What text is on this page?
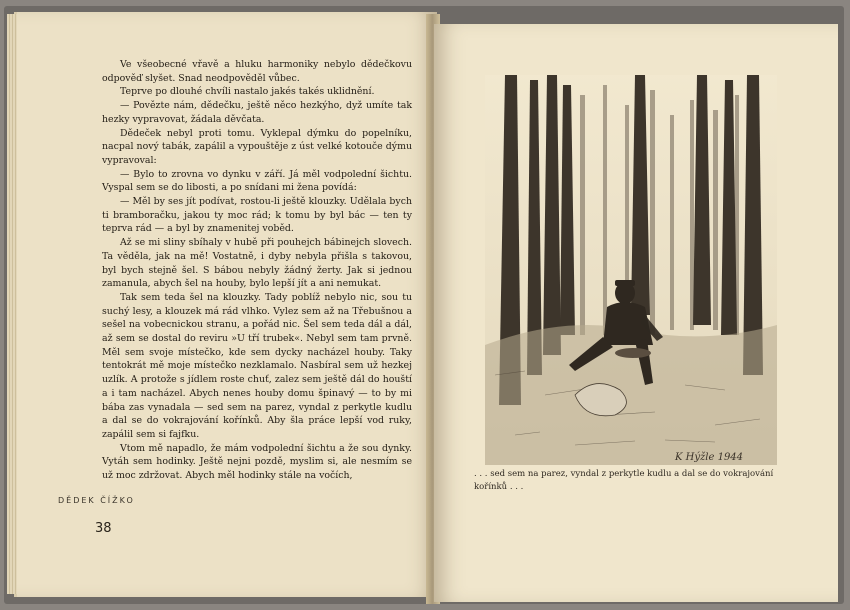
Ve všeobecné vřavě a hluku harmoniky nebylo dědečkovu odpověď slyšet. Snad neodpověděl vůbec.

Teprve po dlouhé chvíli nastalo jakés takés uklidnění.

— Povězte nám, dědečku, ještě něco hezkýho, dyž umíte tak hezky vypravovat, žádala děvčata.

Dědeček nebyl proti tomu. Vyklepal dýmku do popelníku, nacpal nový tabák, zapálil a vypouštěje z úst velké kotouče dýmu vypravoval:

— Bylo to zrovna vo dynku v září. Já měl vodpolední šichtu. Vyspal sem se do libosti, a po snídani mi žena povídá:

— Měl by ses jít podívat, rostou-li ještě klouzky. Udělala bych ti bramboračku, jakou ty moc rád; k tomu by byl bác — ten ty teprva rád — a byl by znamenitej voběd.

Až se mi sliny sbíhaly v hubě při pouhejch bábinejch slovech. Ta věděla, jak na mě! Vostatně, i dyby nebyla přišla s takovou, byl bych stejně šel. S bábou nebyly žádný žerty. Jak si jednou zamanula, abych šel na houby, bylo lepší jít a ani nemukat.

Tak sem teda šel na klouzky. Tady poblíž nebylo nic, sou tu suchý lesy, a klouzek má rád vlhko. Vylez sem až na Třebušnou a sešel na vobecnickou stranu, a pořád nic. Šel sem teda dál a dál, až sem se dostal do reviru »U tří trubek«. Nebyl sem tam prvně. Měl sem svoje místečko, kde sem dycky nacházel houby. Taky tentokrát mě moje místečko nezklamalo. Nasbíral sem už hezkej uzlík. A protože s jídlem roste chuť, zalez sem ještě dál do houští a i tam nacházel. Abych nenes houby domu špinavý — to by mi bába zas vynadala — sed sem na parez, vyndal z perkytle kudlu a dal se do vokrajování kořínků. Aby šla práce lepší vod ruky, zapálil sem si fajfku.

Vtom mě napadlo, že mám vodpolední šichtu a že sou dynky. Vytáh sem hodinky. Ještě nejni pozdě, myslim si, ale nesmím se už moc zdržovat. Abych měl hodinky stále na vočích,

DĚDEK ČÍŽKO
38
K Hýžle 1944
. . . sed sem na parez, vyndal z perkytle kudlu a dal se do vokrajování kořínků . . .
